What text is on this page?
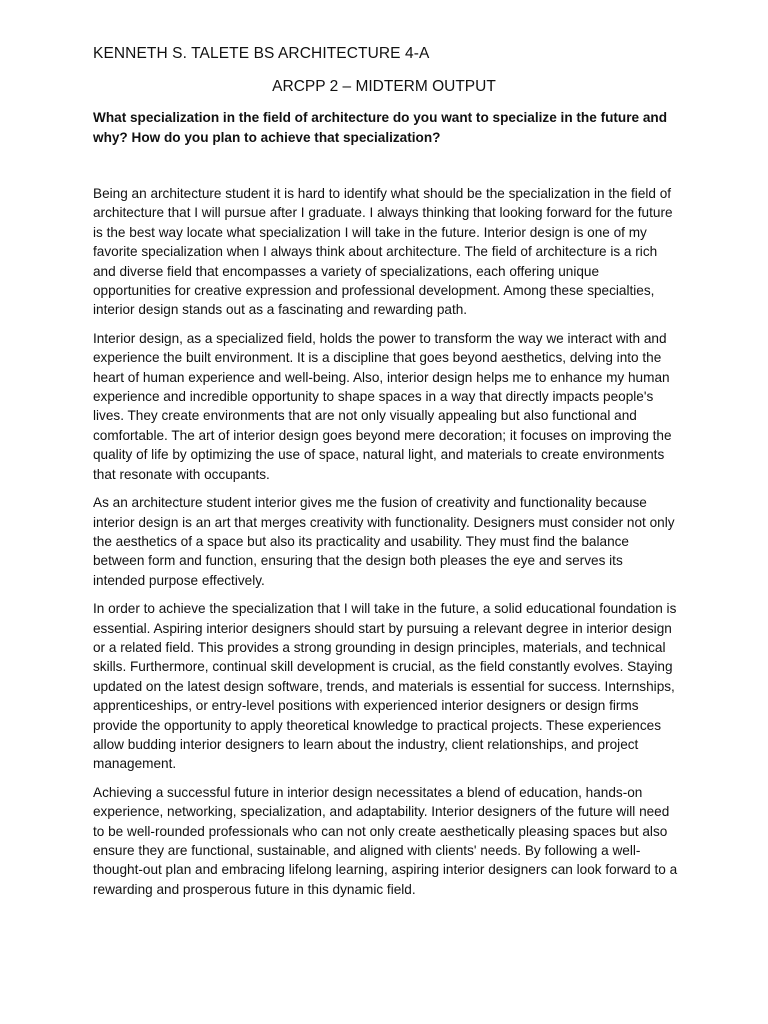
KENNETH S. TALETE BS ARCHITECTURE 4-A
ARCPP 2 – MIDTERM OUTPUT
What specialization in the field of architecture do you want to specialize in the future and why? How do you plan to achieve that specialization?

Being an architecture student it is hard to identify what should be the specialization in the field of architecture that I will pursue after I graduate. I always thinking that looking forward for the future is the best way locate what specialization I will take in the future. Interior design is one of my favorite specialization when I always think about architecture. The field of architecture is a rich and diverse field that encompasses a variety of specializations, each offering unique opportunities for creative expression and professional development. Among these specialties, interior design stands out as a fascinating and rewarding path.

Interior design, as a specialized field, holds the power to transform the way we interact with and experience the built environment. It is a discipline that goes beyond aesthetics, delving into the heart of human experience and well-being. Also, interior design helps me to enhance my human experience and incredible opportunity to shape spaces in a way that directly impacts people's lives. They create environments that are not only visually appealing but also functional and comfortable. The art of interior design goes beyond mere decoration; it focuses on improving the quality of life by optimizing the use of space, natural light, and materials to create environments that resonate with occupants.

As an architecture student interior gives me the fusion of creativity and functionality because interior design is an art that merges creativity with functionality. Designers must consider not only the aesthetics of a space but also its practicality and usability. They must find the balance between form and function, ensuring that the design both pleases the eye and serves its intended purpose effectively.

In order to achieve the specialization that I will take in the future, a solid educational foundation is essential. Aspiring interior designers should start by pursuing a relevant degree in interior design or a related field. This provides a strong grounding in design principles, materials, and technical skills. Furthermore, continual skill development is crucial, as the field constantly evolves. Staying updated on the latest design software, trends, and materials is essential for success. Internships, apprenticeships, or entry-level positions with experienced interior designers or design firms provide the opportunity to apply theoretical knowledge to practical projects. These experiences allow budding interior designers to learn about the industry, client relationships, and project management.

Achieving a successful future in interior design necessitates a blend of education, hands-on experience, networking, specialization, and adaptability. Interior designers of the future will need to be well-rounded professionals who can not only create aesthetically pleasing spaces but also ensure they are functional, sustainable, and aligned with clients' needs. By following a well-thought-out plan and embracing lifelong learning, aspiring interior designers can look forward to a rewarding and prosperous future in this dynamic field.
